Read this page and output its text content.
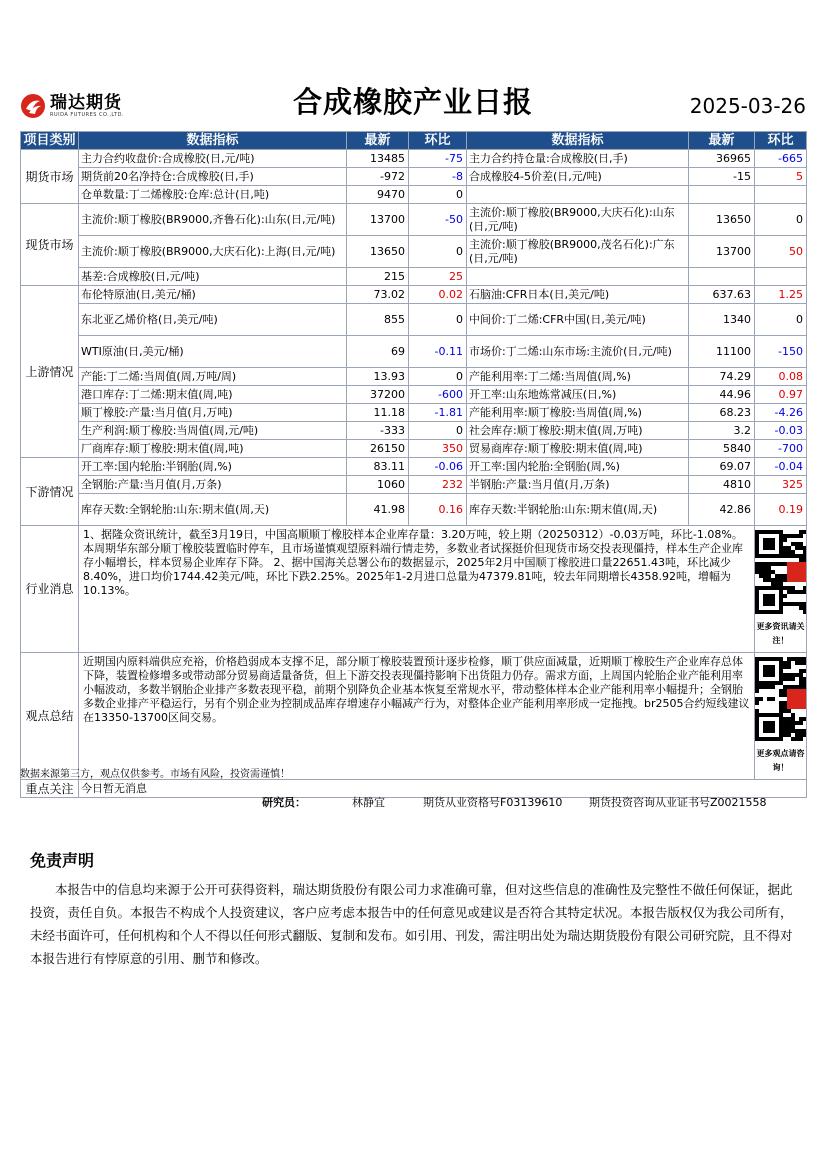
瑞达期货
RUIDA FUTURES CO.,LTD.	合成橡胶产业日报	2025-03-26
项目类别	数据指标	最新	环比	数据指标	最新	环比
期货市场	主力合约收盘价:合成橡胶(日,元/吨)	13485	-75	主力合约持仓量:合成橡胶(日,手)	36965	-665
	期货前20名净持仓:合成橡胶(日,手)	-972	-8	合成橡胶4-5价差(日,元/吨)	-15	5
	仓单数量:丁二烯橡胶:仓库:总计(日,吨)	9470	0			
现货市场	主流价:顺丁橡胶(BR9000,齐鲁石化):山东(日,元/吨)	13700	-50	主流价:顺丁橡胶(BR9000,大庆石化):山东(日,元/吨)	13650	0
	主流价:顺丁橡胶(BR9000,大庆石化):上海(日,元/吨)	13650	0	主流价:顺丁橡胶(BR9000,茂名石化):广东(日,元/吨)	13700	50
	基差:合成橡胶(日,元/吨)	215	25			
上游情况	布伦特原油(日,美元/桶)	73.02	0.02	石脑油:CFR日本(日,美元/吨)	637.63	1.25
	东北亚乙烯价格(日,美元/吨)	855	0	中间价:丁二烯:CFR中国(日,美元/吨)	1340	0
	WTI原油(日,美元/桶)	69	-0.11	市场价:丁二烯:山东市场:主流价(日,元/吨)	11100	-150
	产能:丁二烯:当周值(周,万吨/周)	13.93	0	产能利用率:丁二烯:当周值(周,%)	74.29	0.08
	港口库存:丁二烯:期末值(周,吨)	37200	-600	开工率:山东地炼常减压(日,%)	44.96	0.97
	顺丁橡胶:产量:当月值(月,万吨)	11.18	-1.81	产能利用率:顺丁橡胶:当周值(周,%)	68.23	-4.26
	生产利润:顺丁橡胶:当周值(周,元/吨)	-333	0	社会库存:顺丁橡胶:期末值(周,万吨)	3.2	-0.03
	厂商库存:顺丁橡胶:期末值(周,吨)	26150	350	贸易商库存:顺丁橡胶:期末值(周,吨)	5840	-700
下游情况	开工率:国内轮胎:半钢胎(周,%)	83.11	-0.06	开工率:国内轮胎:全钢胎(周,%)	69.07	-0.04
	全钢胎:产量:当月值(月,万条)	1060	232	半钢胎:产量:当月值(月,万条)	4810	325
	库存天数:全钢轮胎:山东:期末值(周,天)	41.98	0.16	库存天数:半钢轮胎:山东:期末值(周,天)	42.86	0.19
行业消息	1、据隆众资讯统计，截至3月19日，中国高顺顺丁橡胶样本企业库存量：3.20万吨，较上期（20250312）-0.03万吨，环比-1.08%。本周期华东部分顺丁橡胶装置临时停车，且市场谨慎观望原料端行情走势，多数业者试探挺价但现货市场交投表现僵持，样本生产企业库存小幅增长，样本贸易企业库存下降。 2、据中国海关总署公布的数据显示，2025年2月中国顺丁橡胶进口量22651.43吨，环比减少8.40%，进口均价1744.42美元/吨，环比下跌2.25%。2025年1-2月进口总量为47379.81吨，较去年同期增长4358.92吨，增幅为10.13%。					更多资讯请关注！

观点总结	近期国内原料端供应充裕，价格趋弱成本支撑不足，部分顺丁橡胶装置预计逐步检修，顺丁供应面减量，近期顺丁橡胶生产企业库存总体下降，装置检修增多或带动部分贸易商适量备货，但上下游交投表现僵持影响下出货阻力仍存。需求方面，上周国内轮胎企业产能利用率小幅波动，多数半钢胎企业排产多数表现平稳，前期个别降负企业基本恢复至常规水平，带动整体样本企业产能利用率小幅提升；全钢胎多数企业排产平稳运行，另有个别企业为控制成品库存增速存小幅减产行为，对整体企业产能利用率形成一定拖拽。br2505合约短线建议在13350-13700区间交易。					更多观点请咨询！

重点关注	今日暂无消息					
数据来源第三方，观点仅供参考。市场有风险，投资需谨慎！
研究员：	林静宜	期货从业资格号F03139610 期货投资咨询从业证书号Z0021558
免责声明
本报告中的信息均来源于公开可获得资料，瑞达期货股份有限公司力求准确可靠，但对这些信息的准确性及完整性不做任何保证，据此投资，责任自负。本报告不构成个人投资建议，客户应考虑本报告中的任何意见或建议是否符合其特定状况。本报告版权仅为我公司所有，未经书面许可，任何机构和个人不得以任何形式翻版、复制和发布。如引用、刊发，需注明出处为瑞达期货股份有限公司研究院，且不得对本报告进行有悖原意的引用、删节和修改。
